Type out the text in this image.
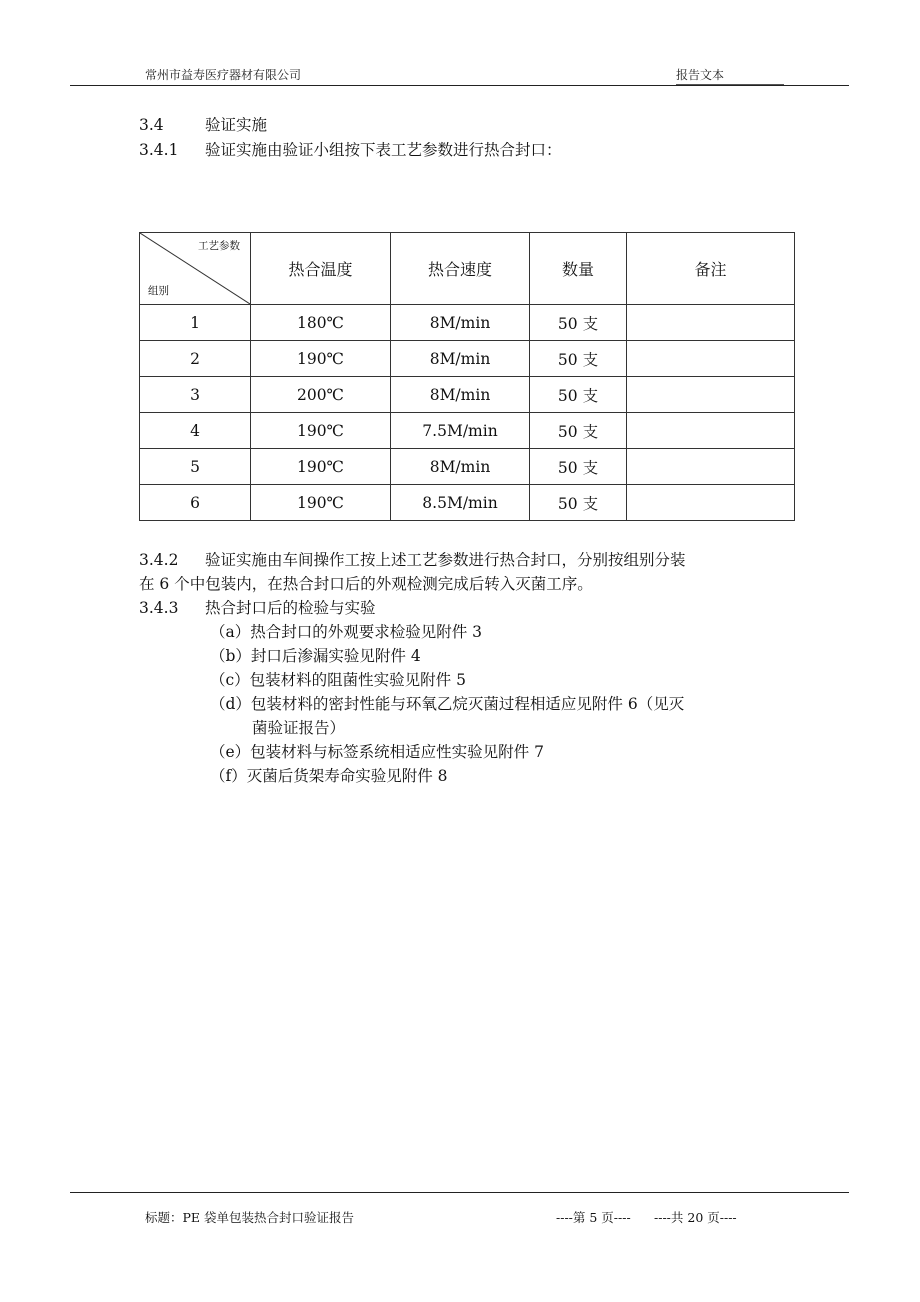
常州市益寿医疗器材有限公司	报告文本
3.4	验证实施
3.4.1 验证实施由验证小组按下表工艺参数进行热合封口：
工艺参数
组别	热合温度	热合速度	数量	备注
1	180℃	8M/min	50 支	
2	190℃	8M/min	50 支	
3	200℃	8M/min	50 支	
4	190℃	7.5M/min	50 支	
5	190℃	8M/min	50 支	
6	190℃	8.5M/min	50 支	
3.4.2 验证实施由车间操作工按上述工艺参数进行热合封口，分别按组别分装
在 6 个中包装内，在热合封口后的外观检测完成后转入灭菌工序。
3.4.3 热合封口后的检验与实验
（a）热合封口的外观要求检验见附件 3
（b）封口后渗漏实验见附件 4
（c）包装材料的阻菌性实验见附件 5
（d）包装材料的密封性能与环氧乙烷灭菌过程相适应见附件 6（见灭
菌验证报告）
（e）包装材料与标签系统相适应性实验见附件 7
（f）灭菌后货架寿命实验见附件 8
标题：PE 袋单包装热合封口验证报告	----第 5 页---- ----共 20 页----
